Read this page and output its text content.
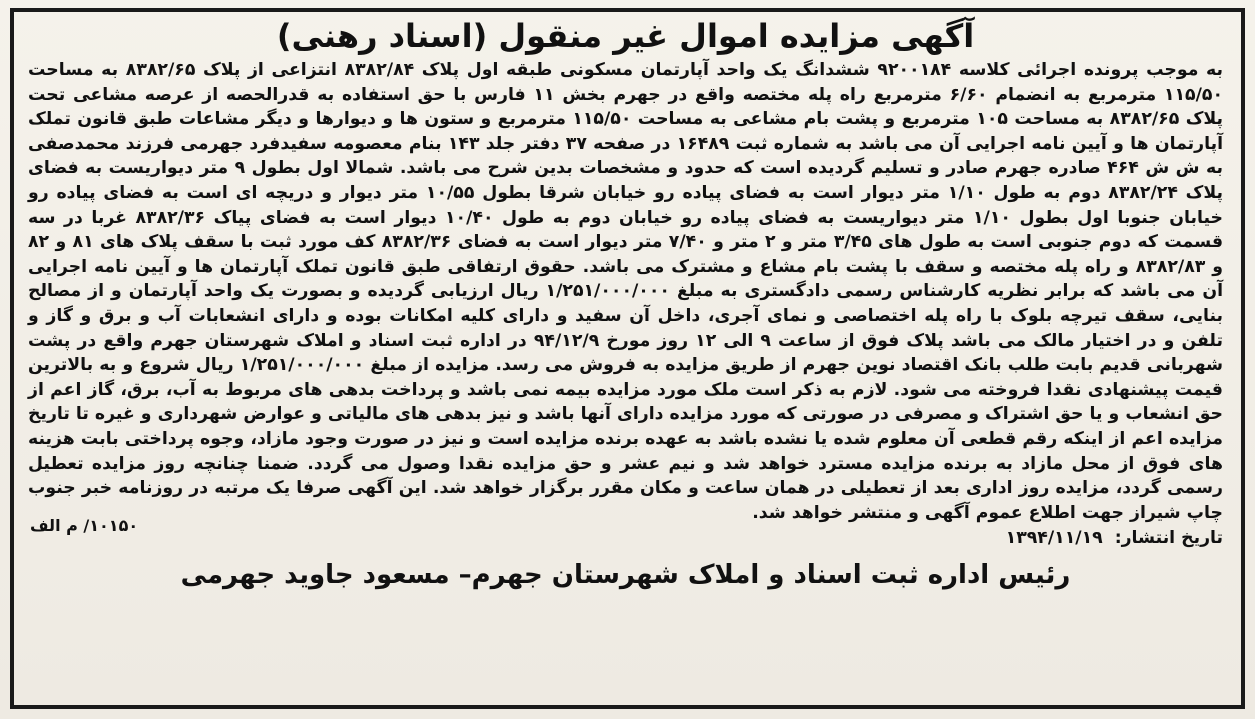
آگهی مزایده اموال غیر منقول (اسناد رهنی)

به موجب پرونده اجرائی کلاسه ۹۲۰۰۱۸۴ ششدانگ یک واحد آپارتمان مسکونی طبقه اول پلاک ۸۳۸۲/۸۴ انتزاعی از پلاک ۸۳۸۲/۶۵ به مساحت ۱۱۵/۵۰ مترمربع به انضمام ۶/۶۰ مترمربع راه پله مختصه واقع در جهرم بخش ۱۱ فارس با حق استفاده به قدرالحصه از عرصه مشاعی تحت پلاک ۸۳۸۲/۶۵ به مساحت ۱۰۵ مترمربع و پشت بام مشاعی به مساحت ۱۱۵/۵۰ مترمربع و ستون ها و دیوارها و دیگر مشاعات طبق قانون تملک آپارتمان ها و آیین نامه اجرایی آن می باشد به شماره ثبت ۱۶۴۸۹ در صفحه ۳۷ دفتر جلد ۱۴۳ بنام معصومه سفیدفرد جهرمی فرزند محمدصفی به ش ش ۴۶۴ صادره جهرم صادر و تسلیم گردیده است که حدود و مشخصات بدین شرح می باشد. شمالا اول بطول ۹ متر دیواریست به فضای پلاک ۸۳۸۲/۲۴ دوم به طول ۱/۱۰ متر دیوار است به فضای پیاده رو خیابان شرقا بطول ۱۰/۵۵ متر دیوار و دریچه ای است به فضای پیاده رو خیابان جنوبا اول بطول ۱/۱۰ متر دیواریست به فضای پیاده رو خیابان دوم به طول ۱۰/۴۰ دیوار است به فضای پیاک ۸۳۸۲/۳۶ غربا در سه قسمت که دوم جنوبی است به طول های ۳/۴۵ متر و ۲ متر و ۷/۴۰ متر دیوار است به فضای ۸۳۸۲/۳۶ کف مورد ثبت با سقف پلاک های ۸۱ و ۸۲ و ۸۳۸۲/۸۳ و راه پله مختصه و سقف با پشت بام مشاع و مشترک می باشد. حقوق ارتفاقی طبق قانون تملک آپارتمان ها و آیین نامه اجرایی آن می باشد که برابر نظریه کارشناس رسمی دادگستری به مبلغ ۱/۲۵۱/۰۰۰/۰۰۰ ریال ارزیابی گردیده و بصورت یک واحد آپارتمان و از مصالح بنایی، سقف تیرچه بلوک با راه پله اختصاصی و نمای آجری، داخل آن سفید و دارای کلیه امکانات بوده و دارای انشعابات آب و برق و گاز و تلفن و در اختیار مالک می باشد پلاک فوق از ساعت ۹ الی ۱۲ روز مورخ ۹۴/۱۲/۹ در اداره ثبت اسناد و املاک شهرستان جهرم واقع در پشت شهربانی قدیم بابت طلب بانک اقتصاد نوین جهرم از طریق مزایده به فروش می رسد. مزایده از مبلغ ۱/۲۵۱/۰۰۰/۰۰۰ ریال شروع و به بالاترین قیمت پیشنهادی نقدا فروخته می شود. لازم به ذکر است ملک مورد مزایده بیمه نمی باشد و پرداخت بدهی های مربوط به آب، برق، گاز اعم از حق انشعاب و یا حق اشتراک و مصرفی در صورتی که مورد مزایده دارای آنها باشد و نیز بدهی های مالیاتی و عوارض شهرداری و غیره تا تاریخ مزایده اعم از اینکه رقم قطعی آن معلوم شده یا نشده باشد به عهده برنده مزایده است و نیز در صورت وجود مازاد، وجوه پرداختی بابت هزینه های فوق از محل مازاد به برنده مزایده مسترد خواهد شد و نیم عشر و حق مزایده نقدا وصول می گردد. ضمنا چنانچه روز مزایده تعطیل رسمی گردد، مزایده روز اداری بعد از تعطیلی در همان ساعت و مکان مقرر برگزار خواهد شد. این آگهی صرفا یک مرتبه در روزنامه خبر جنوب چاپ شیراز جهت اطلاع عموم آگهی و منتشر خواهد شد.

تاریخ انتشار: ۱۳۹۴/۱۱/۱۹
۱۰۱۵۰/ م الف
رئیس اداره ثبت اسناد و املاک شهرستان جهرم– مسعود جاوید جهرمی
